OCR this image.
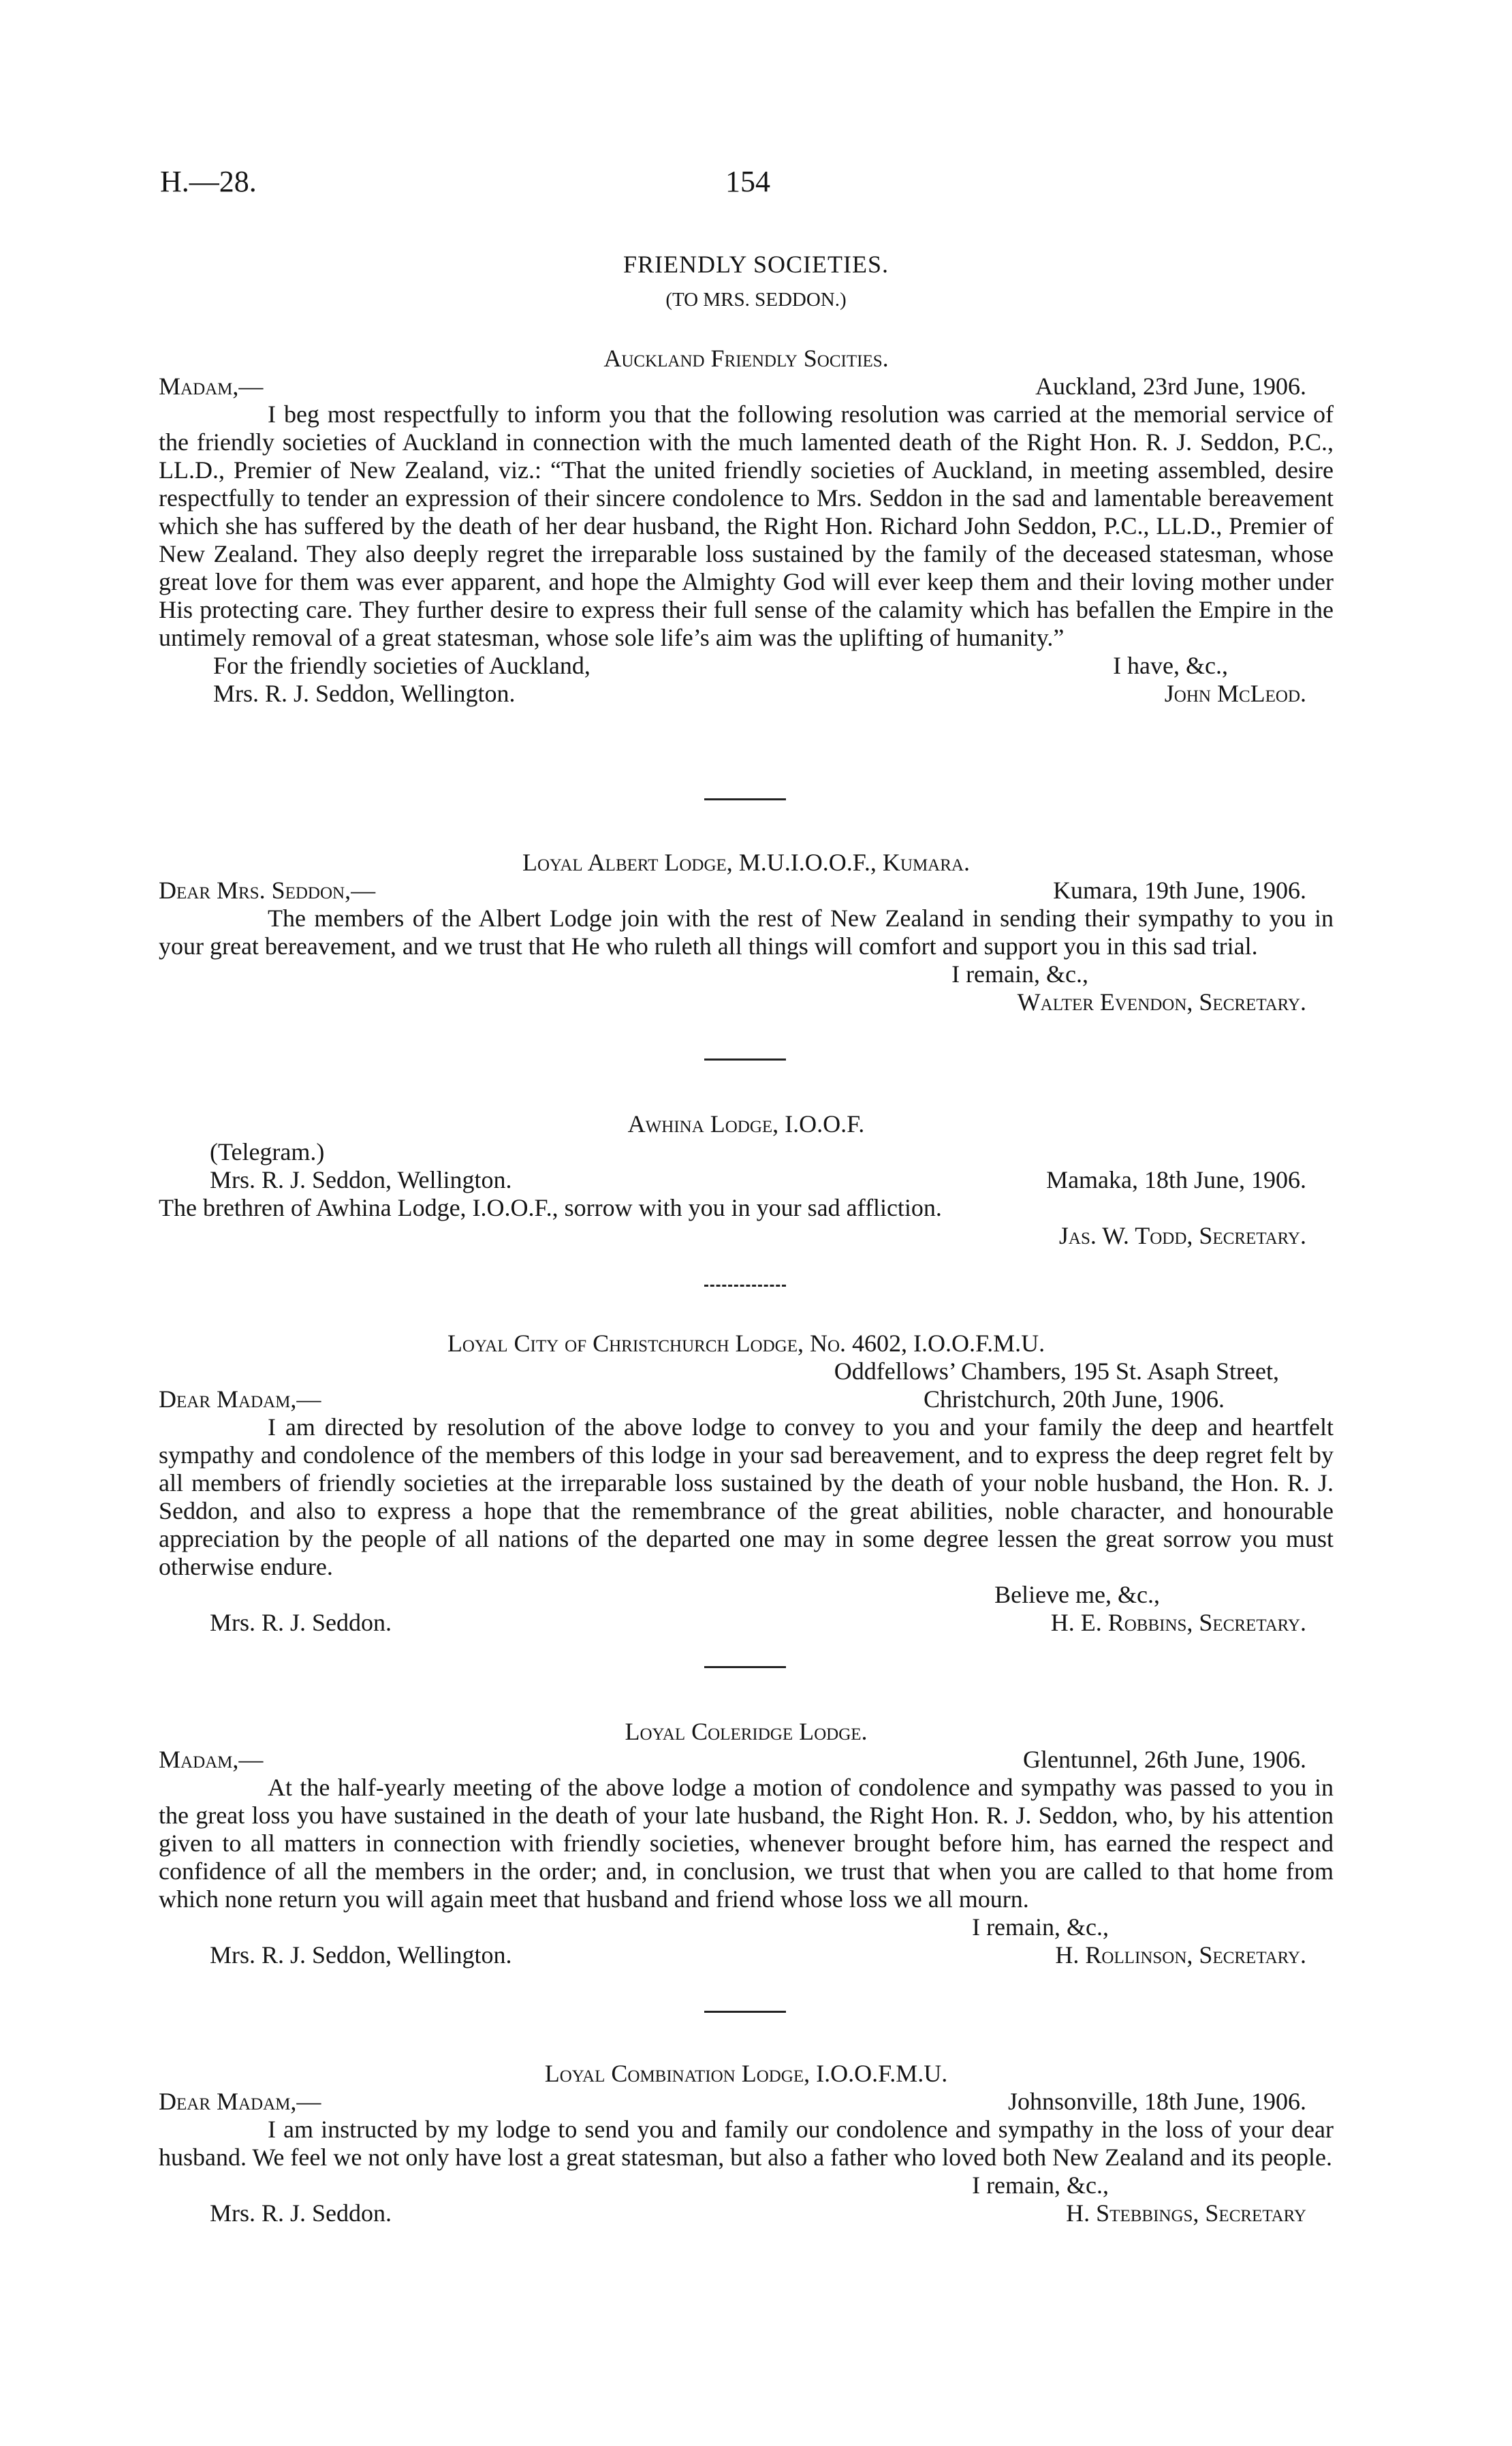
H.—28.	154
FRIENDLY SOCIETIES.
(TO MRS. SEDDON.)
Auckland Friendly Socities.
Madam,—	Auckland, 23rd June, 1906.

I beg most respectfully to inform you that the following resolution was carried at the memorial service of the friendly societies of Auckland in connection with the much lamented death of the Right Hon. R. J. Seddon, P.C., LL.D., Premier of New Zealand, viz.: “That the united friendly societies of Auckland, in meeting assembled, desire respectfully to tender an expression of their sincere condolence to Mrs. Seddon in the sad and lamentable bereavement which she has suffered by the death of her dear husband, the Right Hon. Richard John Seddon, P.C., LL.D., Premier of New Zealand. They also deeply regret the irreparable loss sustained by the family of the deceased statesman, whose great love for them was ever apparent, and hope the Almighty God will ever keep them and their loving mother under His protecting care. They further desire to express their full sense of the calamity which has befallen the Empire in the untimely removal of a great statesman, whose sole life’s aim was the uplifting of humanity.”

For the friendly societies of Auckland,	I have, &c.,
Mrs. R. J. Seddon, Wellington.	John McLeod.
Loyal Albert Lodge, M.U.I.O.O.F., Kumara.
Dear Mrs. Seddon,—	Kumara, 19th June, 1906.

The members of the Albert Lodge join with the rest of New Zealand in sending their sympathy to you in your great bereavement, and we trust that He who ruleth all things will comfort and support you in this sad trial.

I remain, &c.,
Walter Evendon, Secretary.
Awhina Lodge, I.O.O.F.
(Telegram.)
Mrs. R. J. Seddon, Wellington.	Mamaka, 18th June, 1906.

The brethren of Awhina Lodge, I.O.O.F., sorrow with you in your sad affliction.

Jas. W. Todd, Secretary.
Loyal City of Christchurch Lodge, No. 4602, I.O.O.F.M.U.
Oddfellows’ Chambers, 195 St. Asaph Street,
Dear Madam,—	Christchurch, 20th June, 1906.

I am directed by resolution of the above lodge to convey to you and your family the deep and heartfelt sympathy and condolence of the members of this lodge in your sad bereavement, and to express the deep regret felt by all members of friendly societies at the irreparable loss sustained by the death of your noble husband, the Hon. R. J. Seddon, and also to express a hope that the remembrance of the great abilities, noble character, and honourable appreciation by the people of all nations of the departed one may in some degree lessen the great sorrow you must otherwise endure.

Believe me, &c.,
Mrs. R. J. Seddon.	H. E. Robbins, Secretary.
Loyal Coleridge Lodge.
Madam,—	Glentunnel, 26th June, 1906.

At the half-yearly meeting of the above lodge a motion of condolence and sympathy was passed to you in the great loss you have sustained in the death of your late husband, the Right Hon. R. J. Seddon, who, by his attention given to all matters in connection with friendly societies, whenever brought before him, has earned the respect and confidence of all the members in the order; and, in conclusion, we trust that when you are called to that home from which none return you will again meet that husband and friend whose loss we all mourn.

I remain, &c.,
Mrs. R. J. Seddon, Wellington.	H. Rollinson, Secretary.
Loyal Combination Lodge, I.O.O.F.M.U.
Dear Madam,—	Johnsonville, 18th June, 1906.

I am instructed by my lodge to send you and family our condolence and sympathy in the loss of your dear husband. We feel we not only have lost a great statesman, but also a father who loved both New Zealand and its people.

I remain, &c.,
Mrs. R. J. Seddon.	H. Stebbings, Secretary
